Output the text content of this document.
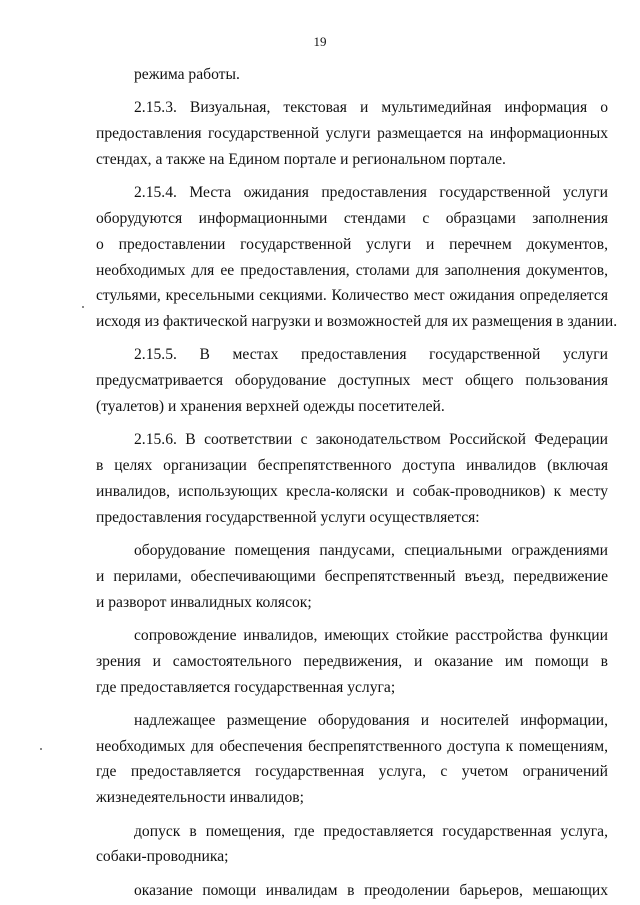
19
режима работы.
2.15.3. Визуальная, текстовая и мультимедийная информация о
предоставления государственной услуги размещается на информационных
стендах, а также на Едином портале и региональном портале.
2.15.4. Места ожидания предоставления государственной услуги
оборудуются информационными стендами с образцами заполнения
о предоставлении государственной услуги и перечнем документов,
необходимых для ее предоставления, столами для заполнения документов,
стульями, кресельными секциями. Количество мест ожидания определяется
исходя из фактической нагрузки и возможностей для их размещения в здании.
2.15.5. В местах предоставления государственной услуги
предусматривается оборудование доступных мест общего пользования
(туалетов) и хранения верхней одежды посетителей.
2.15.6. В соответствии с законодательством Российской Федерации
в целях организации беспрепятственного доступа инвалидов (включая
инвалидов, использующих кресла-коляски и собак-проводников) к месту
предоставления государственной услуги осуществляется:
оборудование помещения пандусами, специальными ограждениями
и перилами, обеспечивающими беспрепятственный въезд, передвижение
и разворот инвалидных колясок;
сопровождение инвалидов, имеющих стойкие расстройства функции
зрения и самостоятельного передвижения, и оказание им помощи в
где предоставляется государственная услуга;
надлежащее размещение оборудования и носителей информации,
необходимых для обеспечения беспрепятственного доступа к помещениям,
где предоставляется государственная услуга, с учетом ограничений
жизнедеятельности инвалидов;
допуск в помещения, где предоставляется государственная услуга,
собаки-проводника;
оказание помощи инвалидам в преодолении барьеров, мешающих
